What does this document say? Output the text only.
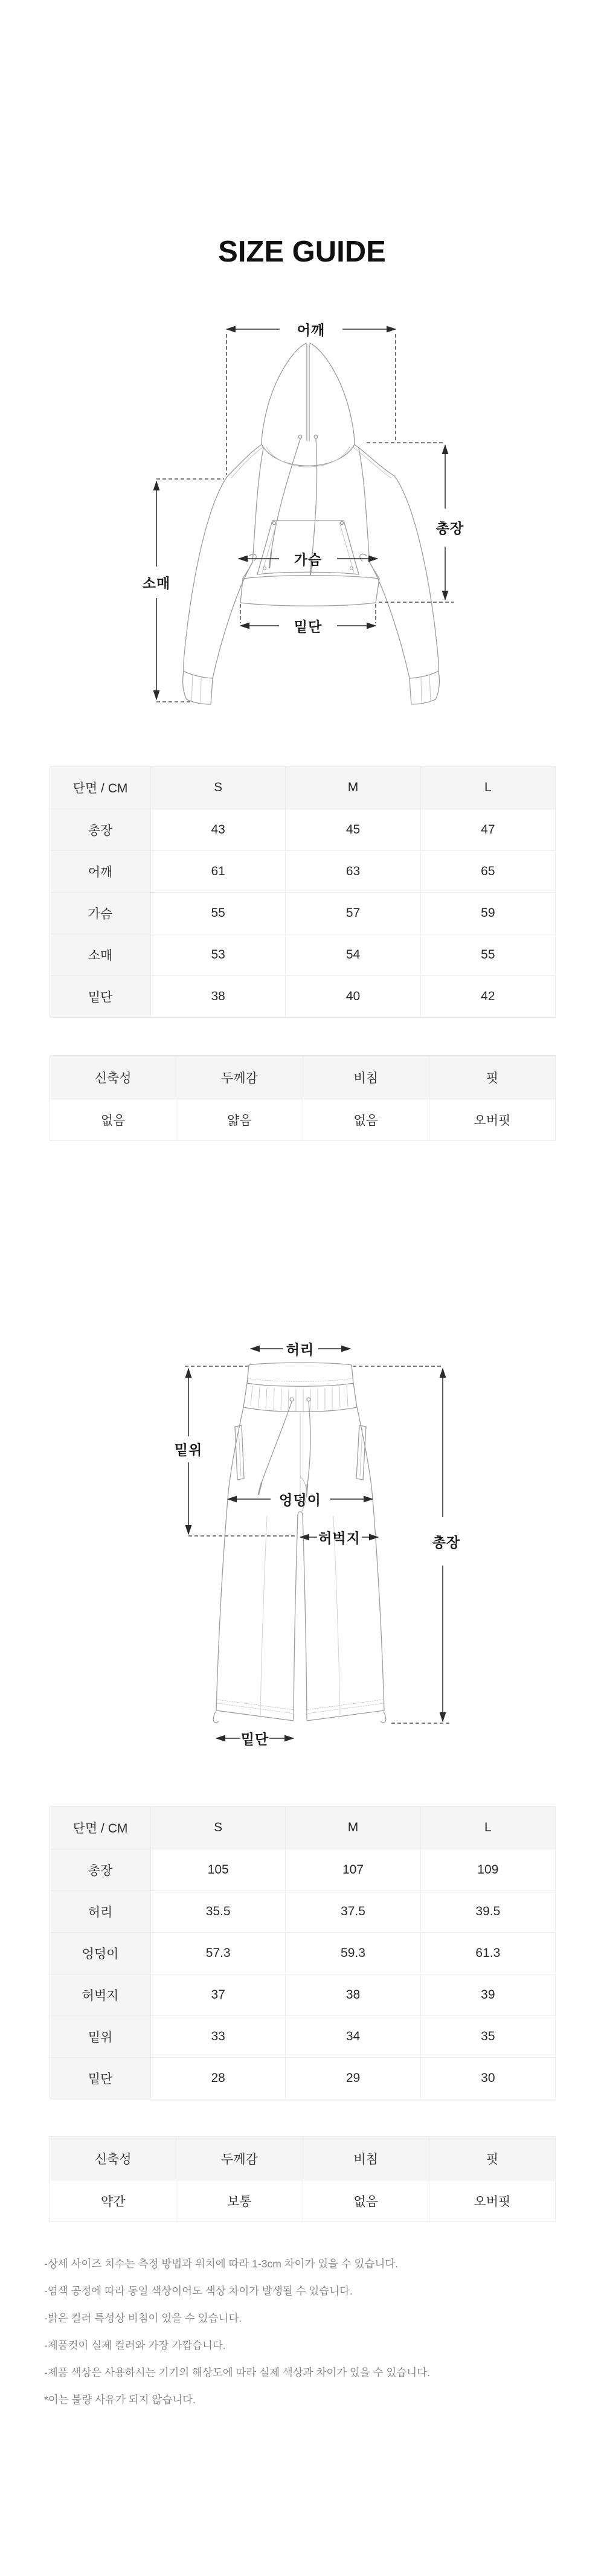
SIZE GUIDE
어깨
총장
가슴
소매
밑단
단면 / CM	S	M	L
총장	43	45	47
어깨	61	63	65
가슴	55	57	59
소매	53	54	55
밑단	38	40	42
신축성	두께감	비침	핏
없음	얇음	없음	오버핏
허리
밑위
엉덩이
허벅지	총장
밑단
단면 / CM	S	M	L
총장	105	107	109
허리	35.5	37.5	39.5
엉덩이	57.3	59.3	61.3
허벅지	37	38	39
밑위	33	34	35
밑단	28	29	30
신축성	두께감	비침	핏
약간	보통	없음	오버핏
-상세 사이즈 치수는 측정 방법과 위치에 따라 1-3cm 차이가 있을 수 있습니다.
-염색 공정에 따라 동일 색상이어도 색상 차이가 발생될 수 있습니다.
-밝은 컬러 특성상 비침이 있을 수 있습니다.
-제품컷이 실제 컬러와 가장 가깝습니다.
-제품 색상은 사용하시는 기기의 해상도에 따라 실제 색상과 차이가 있을 수 있습니다.
*이는 불량 사유가 되지 않습니다.
